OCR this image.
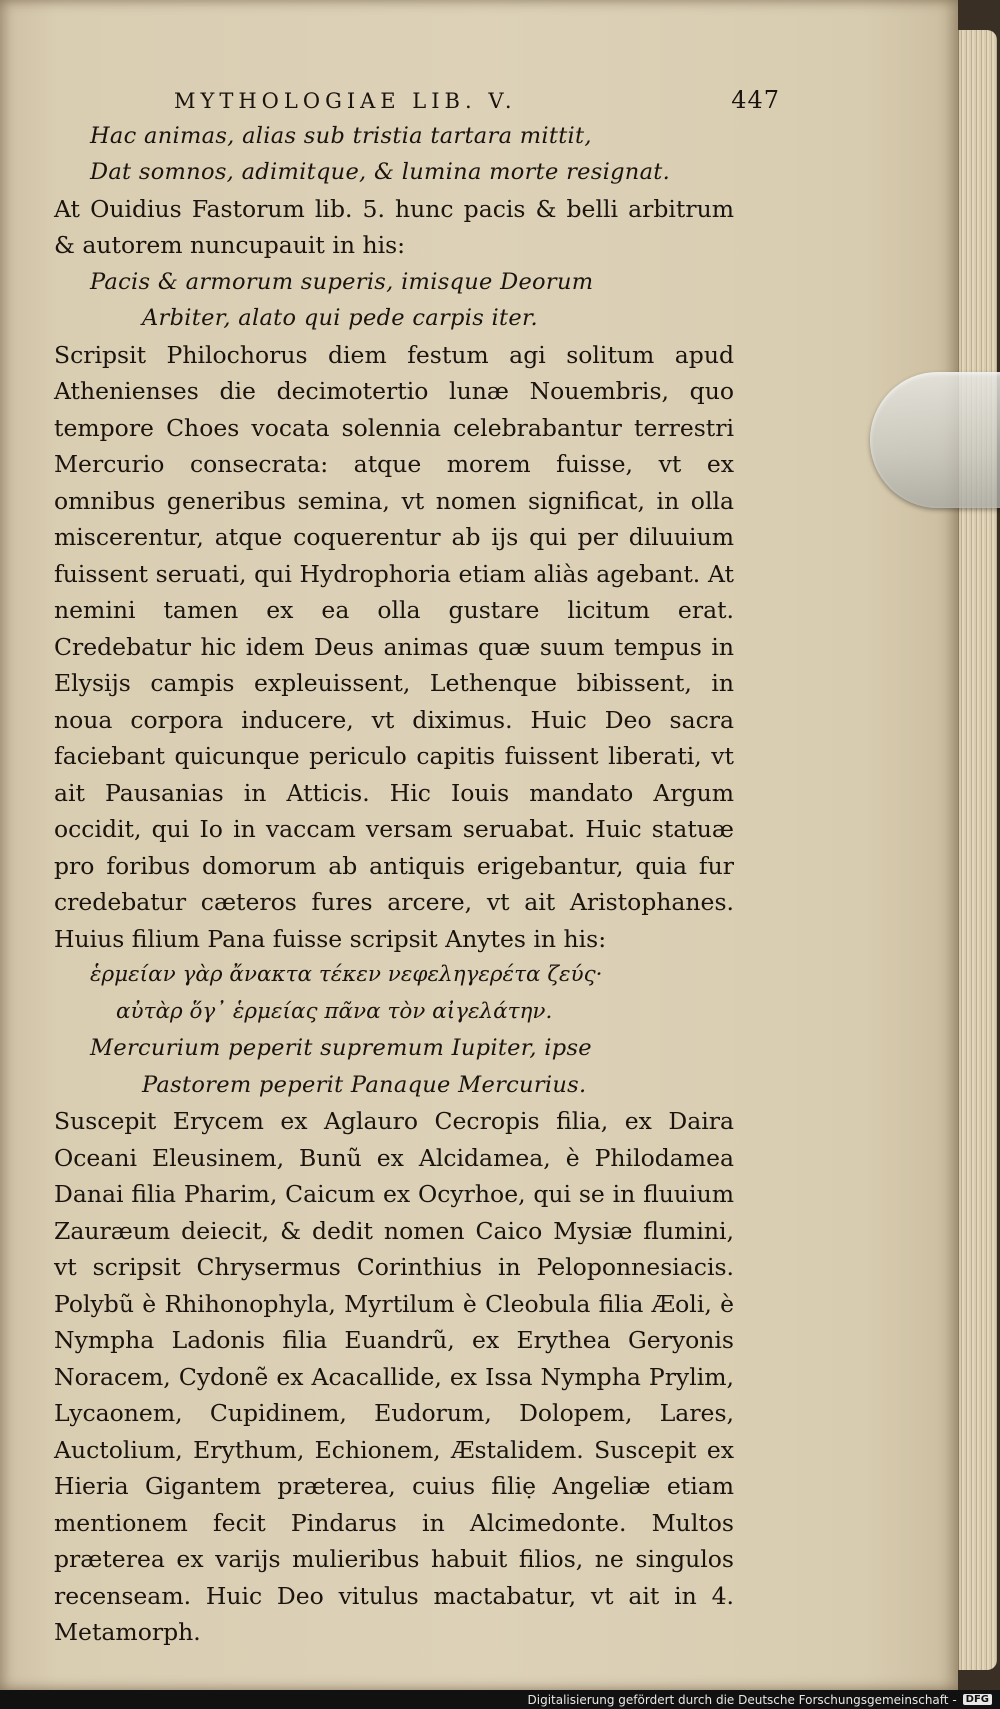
MYTHOLOGIAE LIB. V.	447
Hac animas, alias sub tristia tartara mittit,
Dat somnos, adimitque, & lumina morte resignat.

At Ouidius Fastorum lib. 5. hunc pacis & belli arbitrum & autorem nuncupauit in his:

Pacis & armorum superis, imisque Deorum
Arbiter, alato qui pede carpis iter.

Scripsit Philochorus diem festum agi solitum apud Athenienses die decimotertio lunæ Nouembris, quo tempore Choes vocata solennia celebrabantur terrestri Mercurio consecrata: atque morem fuisse, vt ex omnibus generibus semina, vt nomen significat, in olla miscerentur, atque coquerentur ab ijs qui per diluuium fuissent seruati, qui Hydrophoria etiam aliàs agebant. At nemini tamen ex ea olla gustare licitum erat. Credebatur hic idem Deus animas quæ suum tempus in Elysijs campis expleuissent, Lethenque bibissent, in noua corpora inducere, vt diximus. Huic Deo sacra faciebant quicunque periculo capitis fuissent liberati, vt ait Pausanias in Atticis. Hic Iouis mandato Argum occidit, qui Io in vaccam versam seruabat. Huic statuæ pro foribus domorum ab antiquis erigebantur, quia fur credebatur cæteros fures arcere, vt ait Aristophanes. Huius filium Pana fuisse scripsit Anytes in his:

ἑρμείαν γὰρ ἄνακτα τέκεν νεφεληγερέτα ζεύς·
αὐτὰρ ὅγ᾽ ἑρμείας πᾶνα τὸν αἰγελάτην.
Mercurium peperit supremum Iupiter, ipse
Pastorem peperit Panaque Mercurius.

Suscepit Erycem ex Aglauro Cecropis filia, ex Daira Oceani Eleusinem, Bunũ ex Alcidamea, è Philodamea Danai filia Pharim, Caicum ex Ocyrhoe, qui se in fluuium Zauræum deiecit, & dedit nomen Caico Mysiæ flumini, vt scripsit Chrysermus Corinthius in Peloponnesiacis. Polybũ è Rhihonophyla, Myrtilum è Cleobula filia Æoli, è Nympha Ladonis filia Euandrũ, ex Erythea Geryonis Noracem, Cydonẽ ex Acacallide, ex Issa Nympha Prylim, Lycaonem, Cupidinem, Eudorum, Dolopem, Lares, Auctolium, Erythum, Echionem, Æstalidem. Suscepit ex Hieria Gigantem præterea, cuius filiẹ Angeliæ etiam mentionem fecit Pindarus in Alcimedonte. Multos præterea ex varijs mulieribus habuit filios, ne singulos recenseam. Huic Deo vitulus mactabatur, vt ait in 4. Metamorph.

Digitalisierung gefördert durch die Deutsche Forschungsgemeinschaft - DFG
